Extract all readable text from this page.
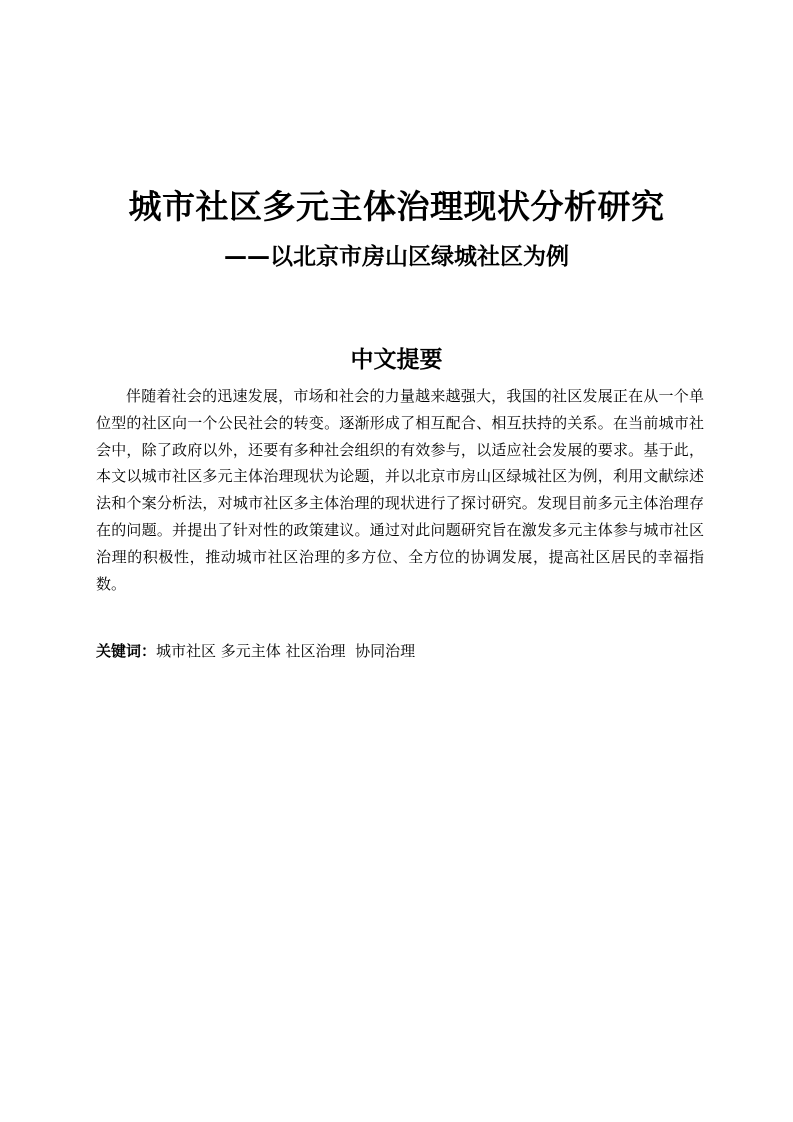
城市社区多元主体治理现状分析研究
——以北京市房山区绿城社区为例
中文提要

伴随着社会的迅速发展，市场和社会的力量越来越强大，我国的社区发展正在从一个单位型的社区向一个公民社会的转变。逐渐形成了相互配合、相互扶持的关系。在当前城市社会中，除了政府以外，还要有多种社会组织的有效参与，以适应社会发展的要求。基于此，本文以城市社区多元主体治理现状为论题，并以北京市房山区绿城社区为例，利用文献综述法和个案分析法，对城市社区多主体治理的现状进行了探讨研究。发现目前多元主体治理存在的问题。并提出了针对性的政策建议。通过对此问题研究旨在激发多元主体参与城市社区治理的积极性，推动城市社区治理的多方位、全方位的协调发展，提高社区居民的幸福指数。

关键词：城市社区 多元主体 社区治理  协同治理
